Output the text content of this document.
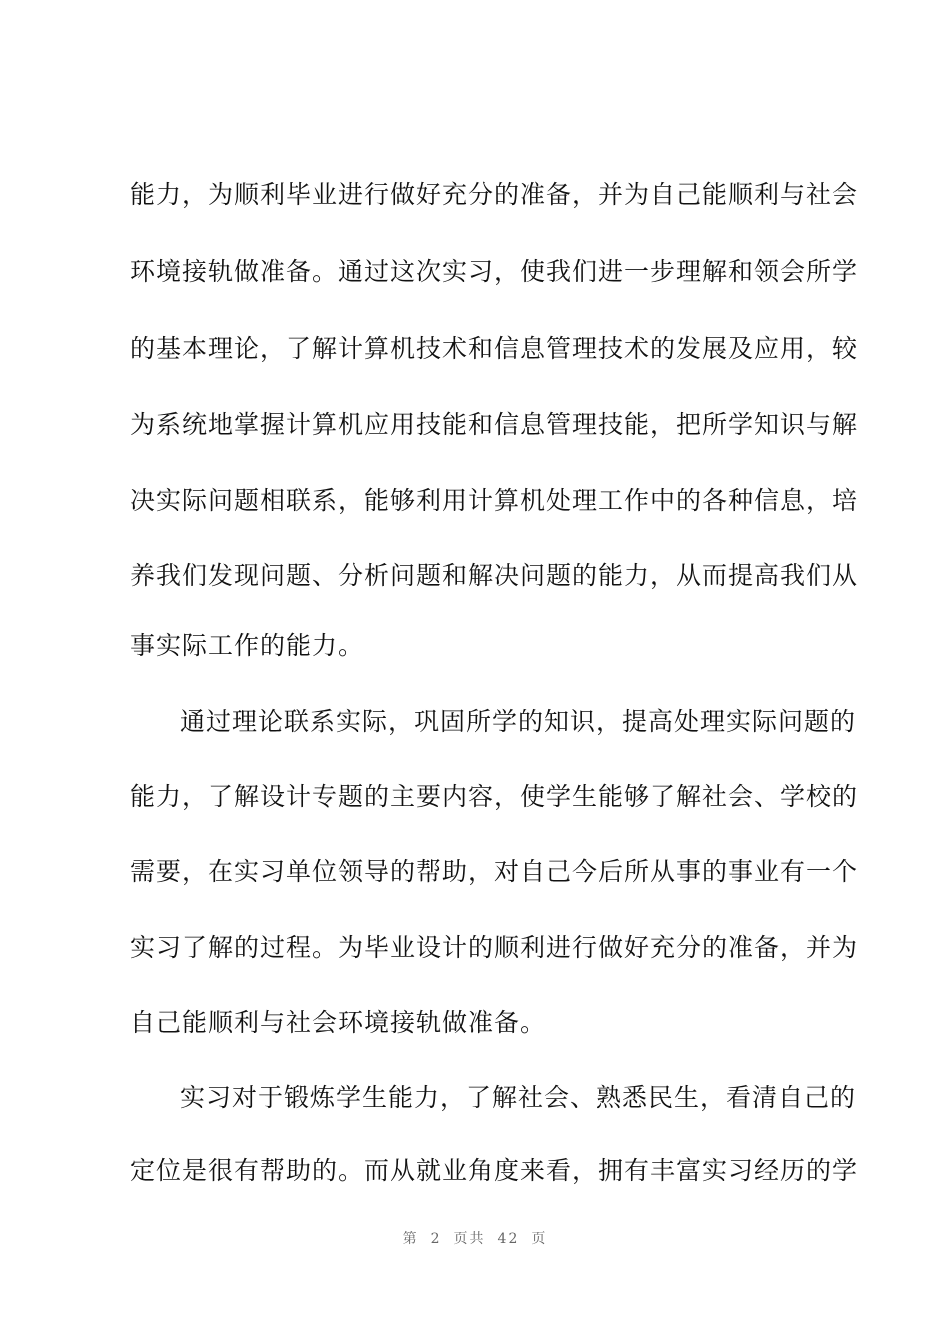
能力，为顺利毕业进行做好充分的准备，并为自己能顺利与社会
环境接轨做准备。通过这次实习，使我们进一步理解和领会所学
的基本理论，了解计算机技术和信息管理技术的发展及应用，较
为系统地掌握计算机应用技能和信息管理技能，把所学知识与解
决实际问题相联系，能够利用计算机处理工作中的各种信息，培
养我们发现问题、分析问题和解决问题的能力，从而提高我们从
事实际工作的能力。
通过理论联系实际，巩固所学的知识，提高处理实际问题的
能力，了解设计专题的主要内容，使学生能够了解社会、学校的
需要，在实习单位领导的帮助，对自己今后所从事的事业有一个
实习了解的过程。为毕业设计的顺利进行做好充分的准备，并为
自己能顺利与社会环境接轨做准备。
实习对于锻炼学生能力，了解社会、熟悉民生，看清自己的
定位是很有帮助的。而从就业角度来看，拥有丰富实习经历的学
第 2 页共 42 页
